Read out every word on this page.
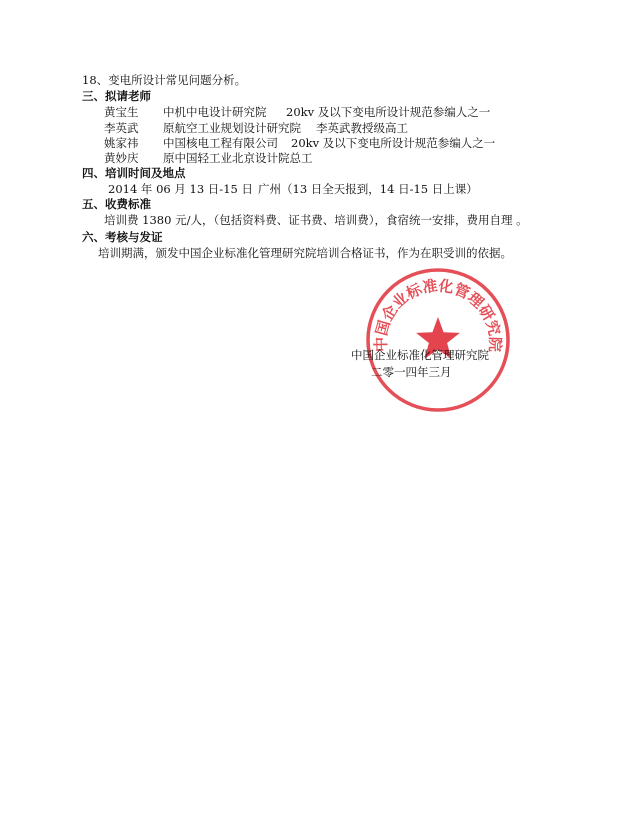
18、变电所设计常见问题分析。
三、拟请老师
黄宝生 中机中电设计研究院 20kv 及以下变电所设计规范参编人之一
李英武 原航空工业规划设计研究院 李英武教授级高工
姚家祎 中国核电工程有限公司 20kv 及以下变电所设计规范参编人之一
黄妙庆 原中国轻工业北京设计院总工
四、培训时间及地点
2014 年 06 月 13 日-15 日 广州（13 日全天报到，14 日-15 日上课）
五、收费标准
培训费 1380 元/人，（包括资料费、证书费、培训费），食宿统一安排，费用自理 。
六、考核与发证
培训期满，颁发中国企业标准化管理研究院培训合格证书，作为在职受训的依据。
中国企业标准化管理研究院
中国企业标准化管理研究院
二零一四年三月
